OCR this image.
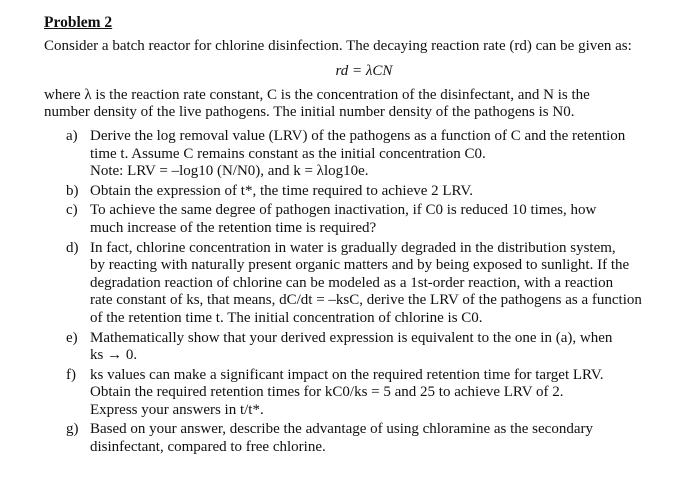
Problem 2

Consider a batch reactor for chlorine disinfection. The decaying reaction rate (rd) can be given as:

rd = λCN
where λ is the reaction rate constant, C is the concentration of the disinfectant, and N is the
number density of the live pathogens. The initial number density of the pathogens is N0.
a) Derive the log removal value (LRV) of the pathogens as a function of C and the retention
time t. Assume C remains constant as the initial concentration C0.
Note: LRV = –log10 (N/N0), and k = λlog10e.
b) Obtain the expression of t*, the time required to achieve 2 LRV.
c) To achieve the same degree of pathogen inactivation, if C0 is reduced 10 times, how
much increase of the retention time is required?
d) In fact, chlorine concentration in water is gradually degraded in the distribution system,
by reacting with naturally present organic matters and by being exposed to sunlight. If the
degradation reaction of chlorine can be modeled as a 1st-order reaction, with a reaction
rate constant of ks, that means, dC/dt = –ksC, derive the LRV of the pathogens as a function
of the retention time t. The initial concentration of chlorine is C0.
e) Mathematically show that your derived expression is equivalent to the one in (a), when
ks → 0.
f) ks values can make a significant impact on the required retention time for target LRV.
Obtain the required retention times for kC0/ks = 5 and 25 to achieve LRV of 2.
Express your answers in t/t*.
g) Based on your answer, describe the advantage of using chloramine as the secondary
disinfectant, compared to free chlorine.
